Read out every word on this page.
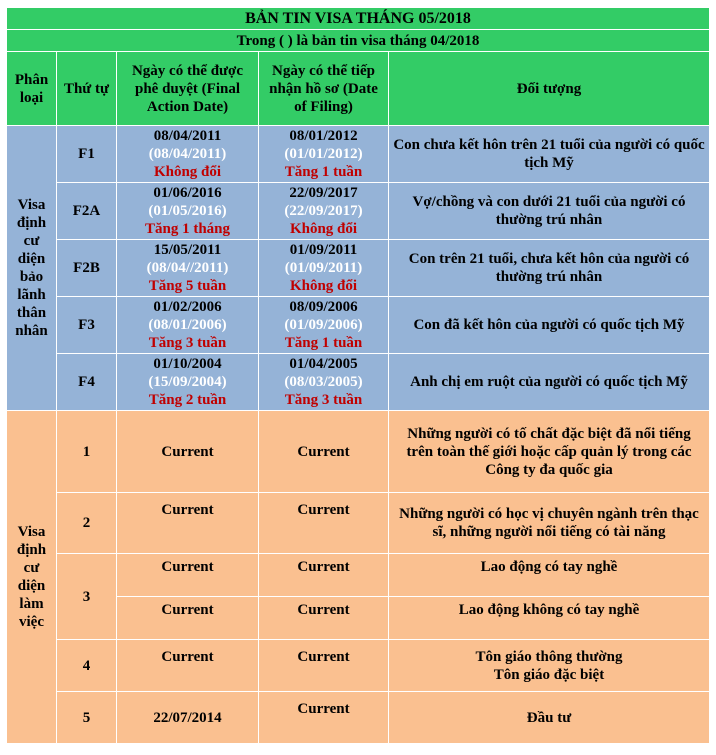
BẢN TIN VISA THÁNG 05/2018				
Trong ( ) là bản tin visa tháng 04/2018				
Phân loại	Thứ tự	Ngày có thể được phê duyệt (Final Action Date)	Ngày có thể tiếp nhận hồ sơ (Date of Filing)	Đối tượng
Visa định cư diện bảo lãnh thân nhân	F1	08/04/2011
(08/04/2011)
Không đổi	08/01/2012
(01/01/2012)
Tăng 1 tuần	Con chưa kết hôn trên 21 tuổi của người có quốc tịch Mỹ
	F2A	01/06/2016
(01/05/2016)
Tăng 1 tháng	22/09/2017
(22/09/2017)
Không đổi	Vợ/chồng và con dưới 21 tuổi của người có thường trú nhân
	F2B	15/05/2011
(08/04//2011)
Tăng 5 tuần	01/09/2011
(01/09/2011)
Không đổi	Con trên 21 tuổi, chưa kết hôn của người có thường trú nhân
	F3	01/02/2006
(08/01/2006)
Tăng 3 tuần	08/09/2006
(01/09/2006)
Tăng 1 tuần	Con đã kết hôn của người có quốc tịch Mỹ
	F4	01/10/2004
(15/09/2004)
Tăng 2 tuần	01/04/2005
(08/03/2005)
Tăng 3 tuần	Anh chị em ruột của người có quốc tịch Mỹ
Visa định cư diện làm việc	1	Current	Current	Những người có tố chất đặc biệt đã nổi tiếng trên toàn thế giới hoặc cấp quản lý trong các Công ty đa quốc gia
	2	Current	Current	Những người có học vị chuyên ngành trên thạc sĩ, những người nổi tiếng có tài năng
	3	Current	Current	Lao động có tay nghề
		Current	Current	Lao động không có tay nghề
	4	Current	Current	Tôn giáo thông thường
Tôn giáo đặc biệt

	5	22/07/2014	Current	Đầu tư
